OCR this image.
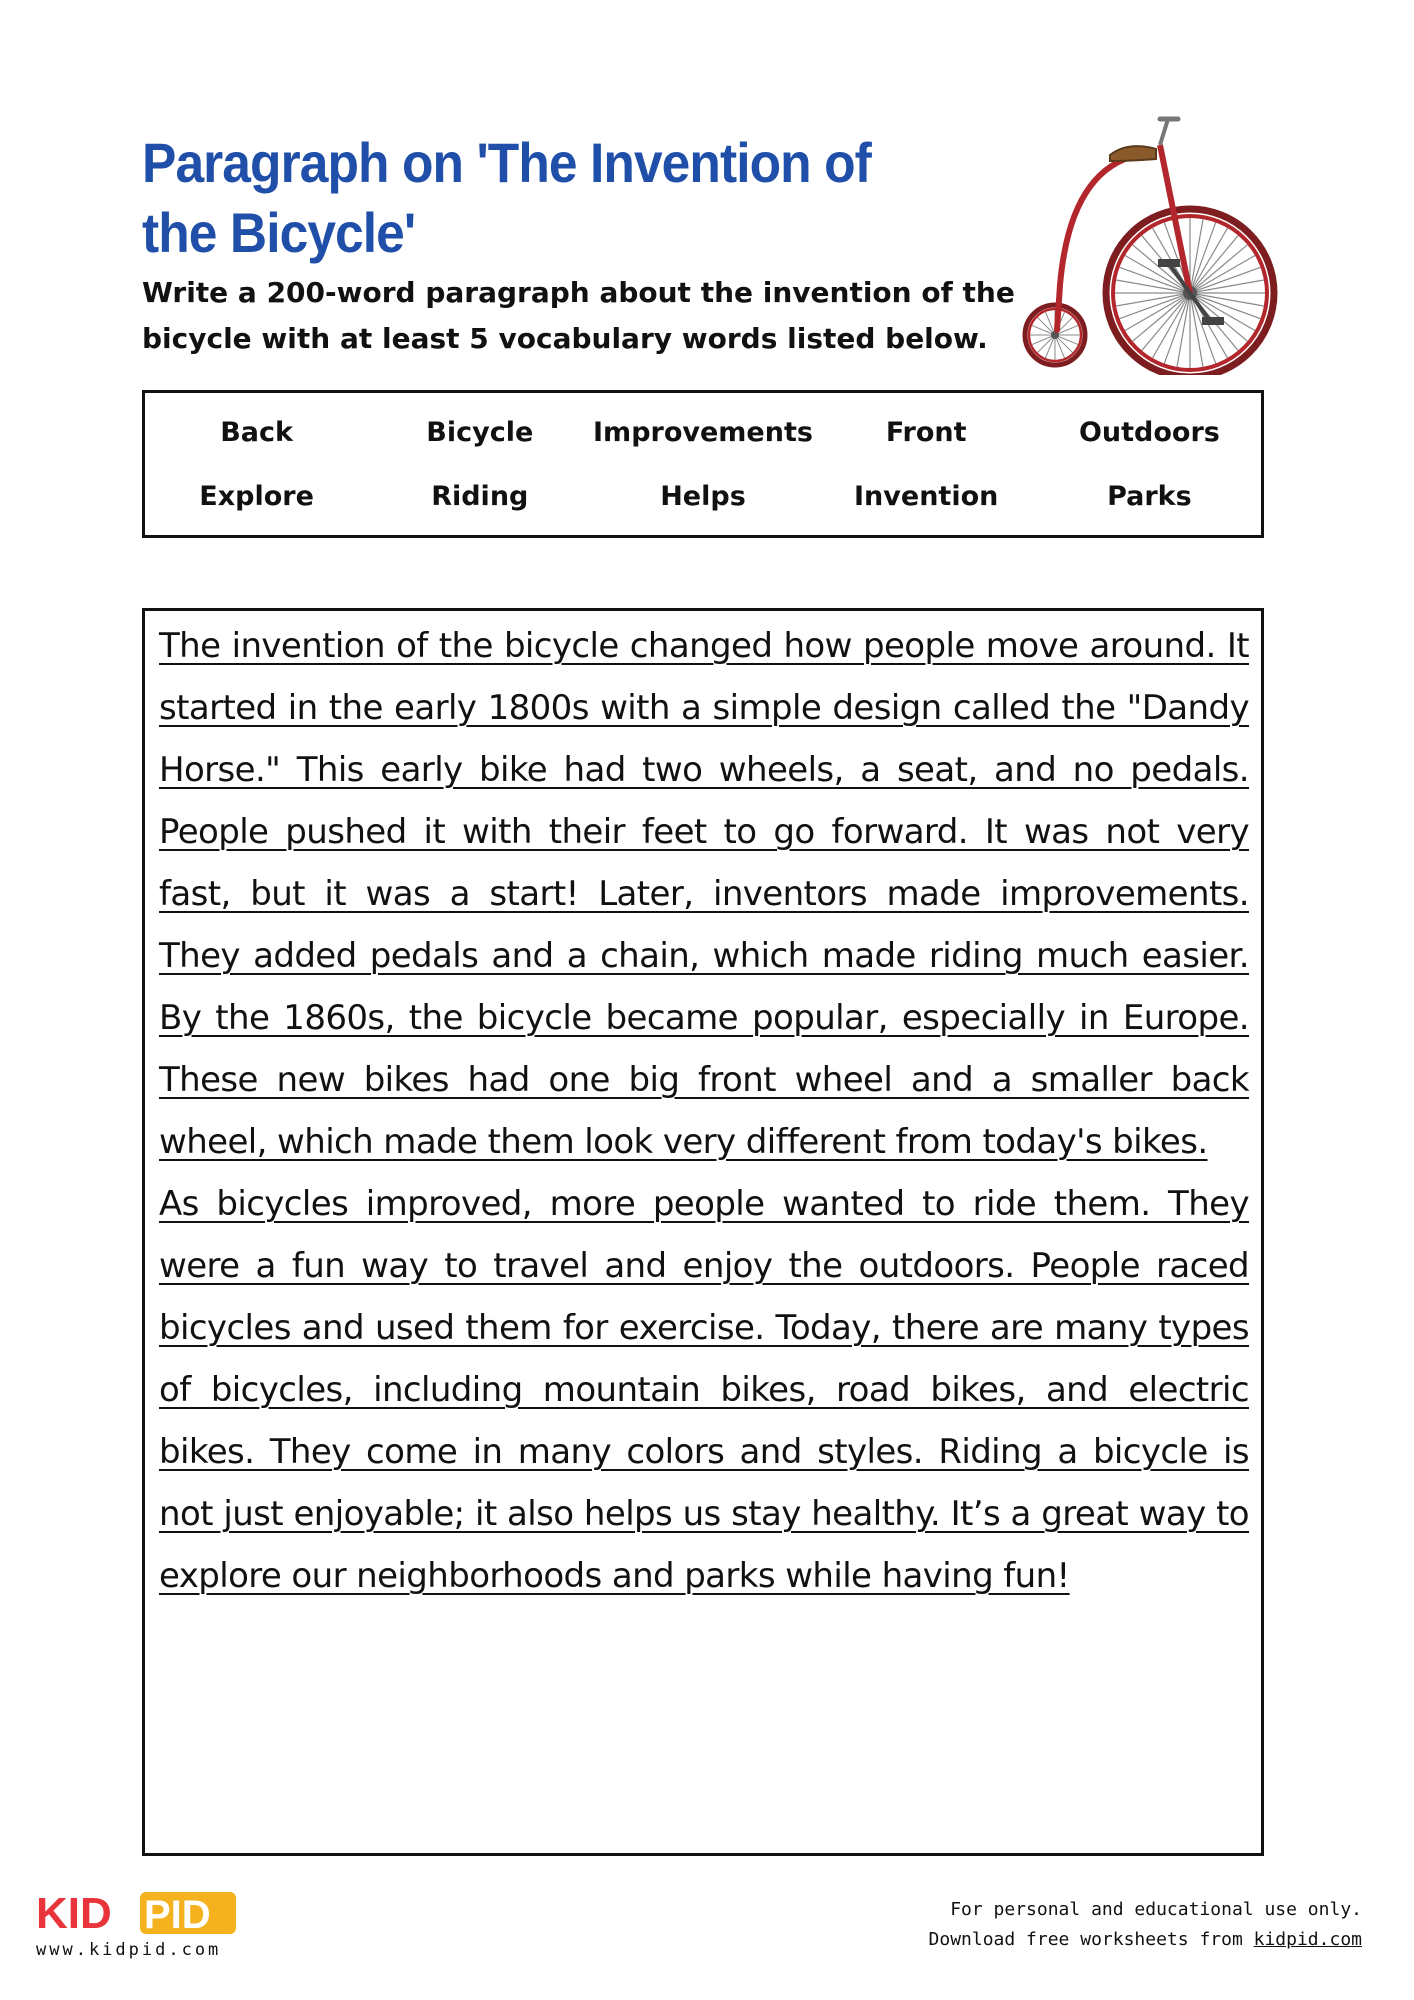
Paragraph on 'The Invention of the Bicycle'
Write a 200-word paragraph about the invention of the bicycle with at least 5 vocabulary words listed below.
Back	Bicycle	Improvements	Front	Outdoors
Explore	Riding	Helps	Invention	Parks

The invention of the bicycle changed how people move around. It started in the early 1800s with a simple design called the "Dandy Horse." This early bike had two wheels, a seat, and no pedals. People pushed it with their feet to go forward. It was not very fast, but it was a start! Later, inventors made improvements. They added pedals and a chain, which made riding much easier. By the 1860s, the bicycle became popular, especially in Europe. These new bikes had one big front wheel and a smaller back wheel, which made them look very different from today's bikes.

As bicycles improved, more people wanted to ride them. They were a fun way to travel and enjoy the outdoors. People raced bicycles and used them for exercise. Today, there are many types of bicycles, including mountain bikes, road bikes, and electric bikes. They come in many colors and styles. Riding a bicycle is not just enjoyable; it also helps us stay healthy. It’s a great way to explore our neighborhoods and parks while having fun!

KID PID
www.kidpid.com
For personal and educational use only.
Download free worksheets from kidpid.com
